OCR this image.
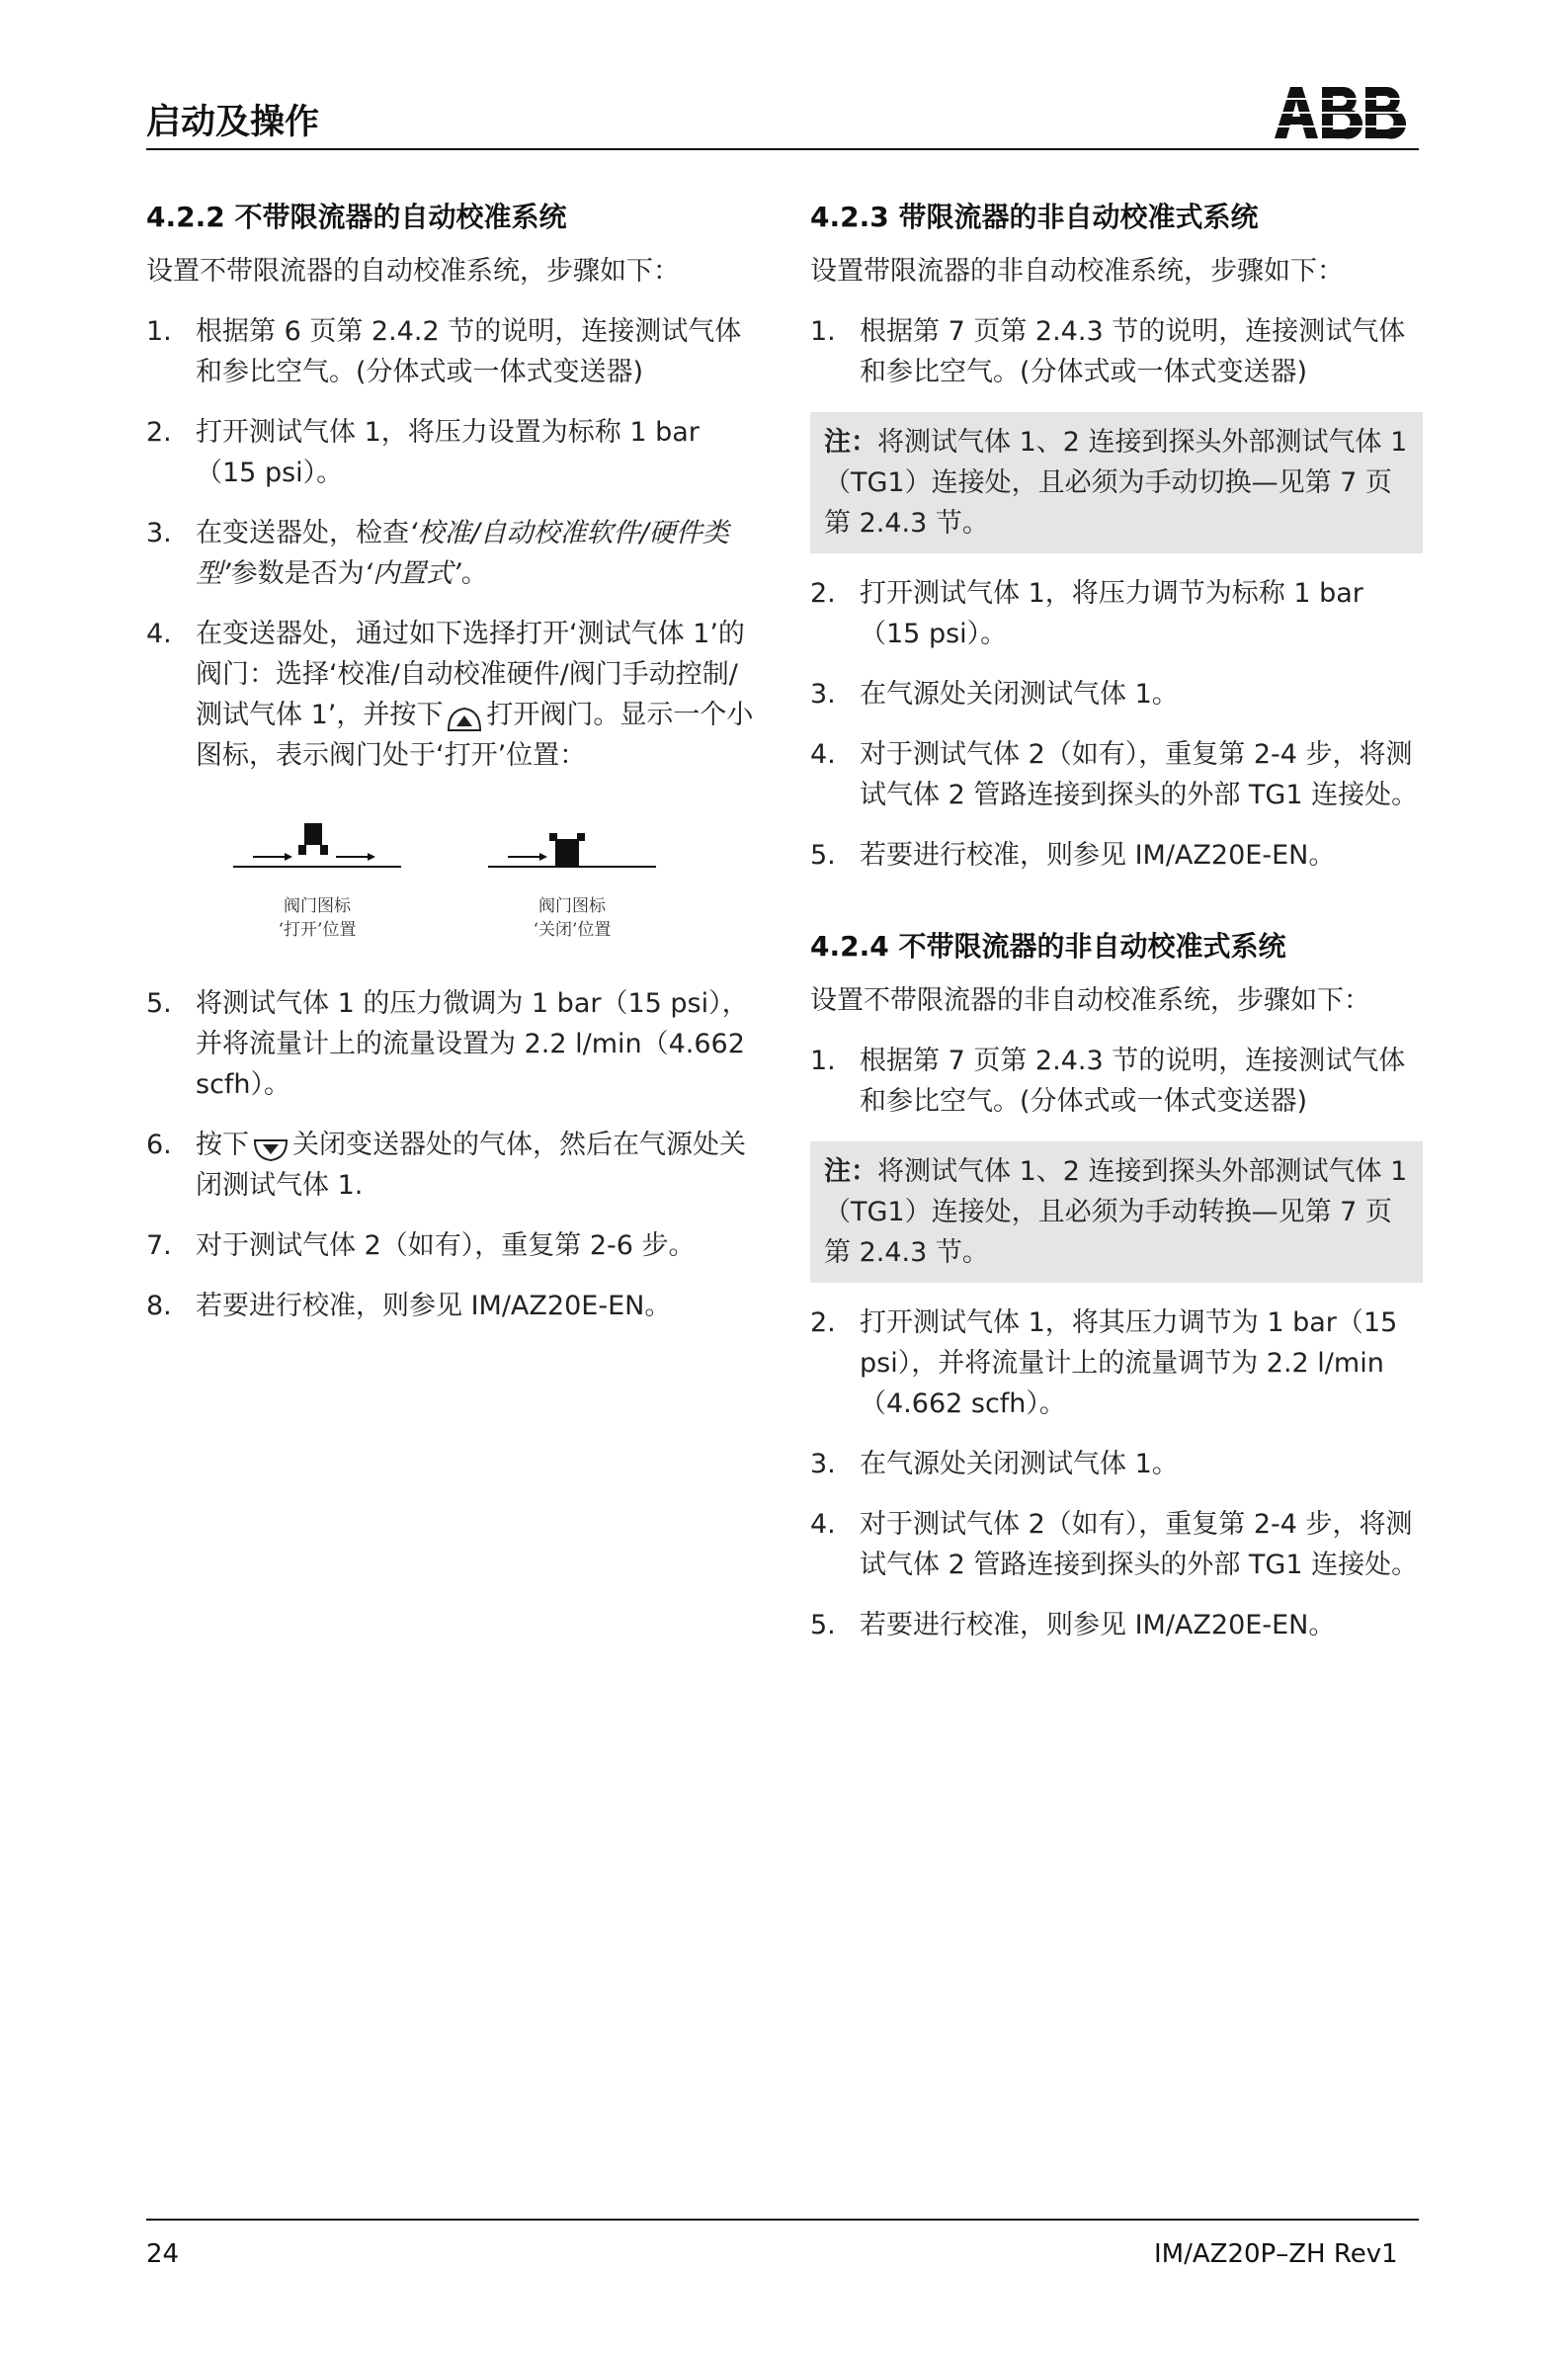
启动及操作
4.2.2 不带限流器的自动校准系统
设置不带限流器的自动校准系统，步骤如下：
1. 根据第 6 页第 2.4.2 节的说明，连接测试气体和参比空气。(分体式或一体式变送器)
2. 打开测试气体 1，将压力设置为标称 1 bar（15 psi）。
3. 在变送器处，检查‘校准/自动校准软件/硬件类型’参数是否为‘内置式’。
4. 在变送器处，通过如下选择打开‘测试气体 1’的阀门：选择‘校准/自动校准硬件/阀门手动控制/测试气体 1’，并按下 打开阀门。显示一个小图标，表示阀门处于‘打开’位置：
阀门图标
‘打开’位置
阀门图标
‘关闭’位置
5. 将测试气体 1 的压力微调为 1 bar（15 psi），并将流量计上的流量设置为 2.2 l/min（4.662 scfh）。
6. 按下 关闭变送器处的气体，然后在气源处关闭测试气体 1.
7. 对于测试气体 2（如有），重复第 2-6 步。
8. 若要进行校准，则参见 IM/AZ20E-EN。
4.2.3 带限流器的非自动校准式系统
设置带限流器的非自动校准系统，步骤如下：
1. 根据第 7 页第 2.4.3 节的说明，连接测试气体和参比空气。(分体式或一体式变送器)
注：将测试气体 1、2 连接到探头外部测试气体 1（TG1）连接处，且必须为手动切换—见第 7 页第 2.4.3 节。
2. 打开测试气体 1，将压力调节为标称 1 bar（15 psi）。
3. 在气源处关闭测试气体 1。
4. 对于测试气体 2（如有），重复第 2-4 步，将测试气体 2 管路连接到探头的外部 TG1 连接处。
5. 若要进行校准，则参见 IM/AZ20E-EN。
4.2.4 不带限流器的非自动校准式系统
设置不带限流器的非自动校准系统，步骤如下：
1. 根据第 7 页第 2.4.3 节的说明，连接测试气体和参比空气。(分体式或一体式变送器)
注：将测试气体 1、2 连接到探头外部测试气体 1（TG1）连接处，且必须为手动转换—见第 7 页第 2.4.3 节。
2. 打开测试气体 1，将其压力调节为 1 bar（15 psi），并将流量计上的流量调节为 2.2 l/min（4.662 scfh）。
3. 在气源处关闭测试气体 1。
4. 对于测试气体 2（如有），重复第 2-4 步，将测试气体 2 管路连接到探头的外部 TG1 连接处。
5. 若要进行校准，则参见 IM/AZ20E-EN。
24	IM/AZ20P–ZH Rev1
